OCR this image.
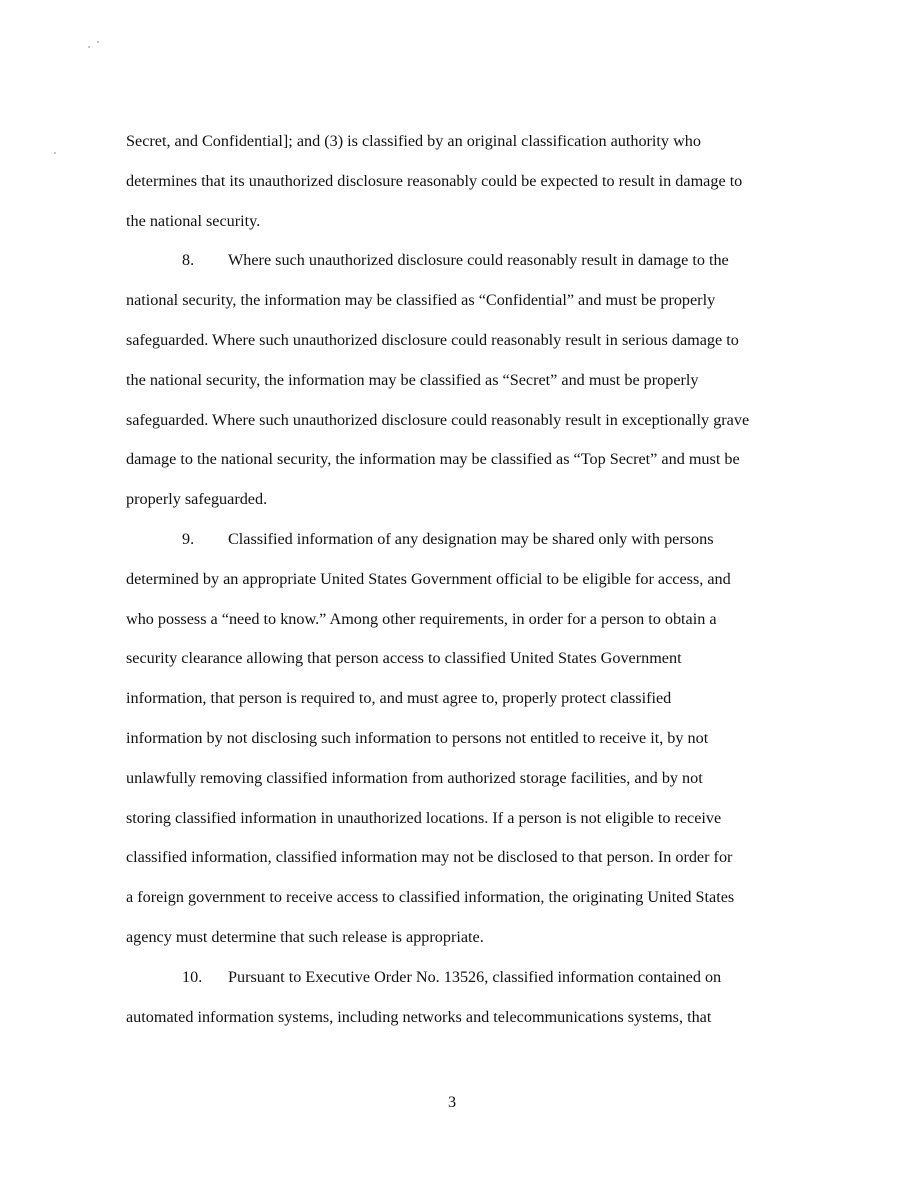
Secret, and Confidential]; and (3) is classified by an original classification authority who
determines that its unauthorized disclosure reasonably could be expected to result in damage to
the national security.
8. Where such unauthorized disclosure could reasonably result in damage to the
national security, the information may be classified as “Confidential” and must be properly
safeguarded. Where such unauthorized disclosure could reasonably result in serious damage to
the national security, the information may be classified as “Secret” and must be properly
safeguarded. Where such unauthorized disclosure could reasonably result in exceptionally grave
damage to the national security, the information may be classified as “Top Secret” and must be
properly safeguarded.
9. Classified information of any designation may be shared only with persons
determined by an appropriate United States Government official to be eligible for access, and
who possess a “need to know.” Among other requirements, in order for a person to obtain a
security clearance allowing that person access to classified United States Government
information, that person is required to, and must agree to, properly protect classified
information by not disclosing such information to persons not entitled to receive it, by not
unlawfully removing classified information from authorized storage facilities, and by not
storing classified information in unauthorized locations. If a person is not eligible to receive
classified information, classified information may not be disclosed to that person. In order for
a foreign government to receive access to classified information, the originating United States
agency must determine that such release is appropriate.
10. Pursuant to Executive Order No. 13526, classified information contained on
automated information systems, including networks and telecommunications systems, that
3
